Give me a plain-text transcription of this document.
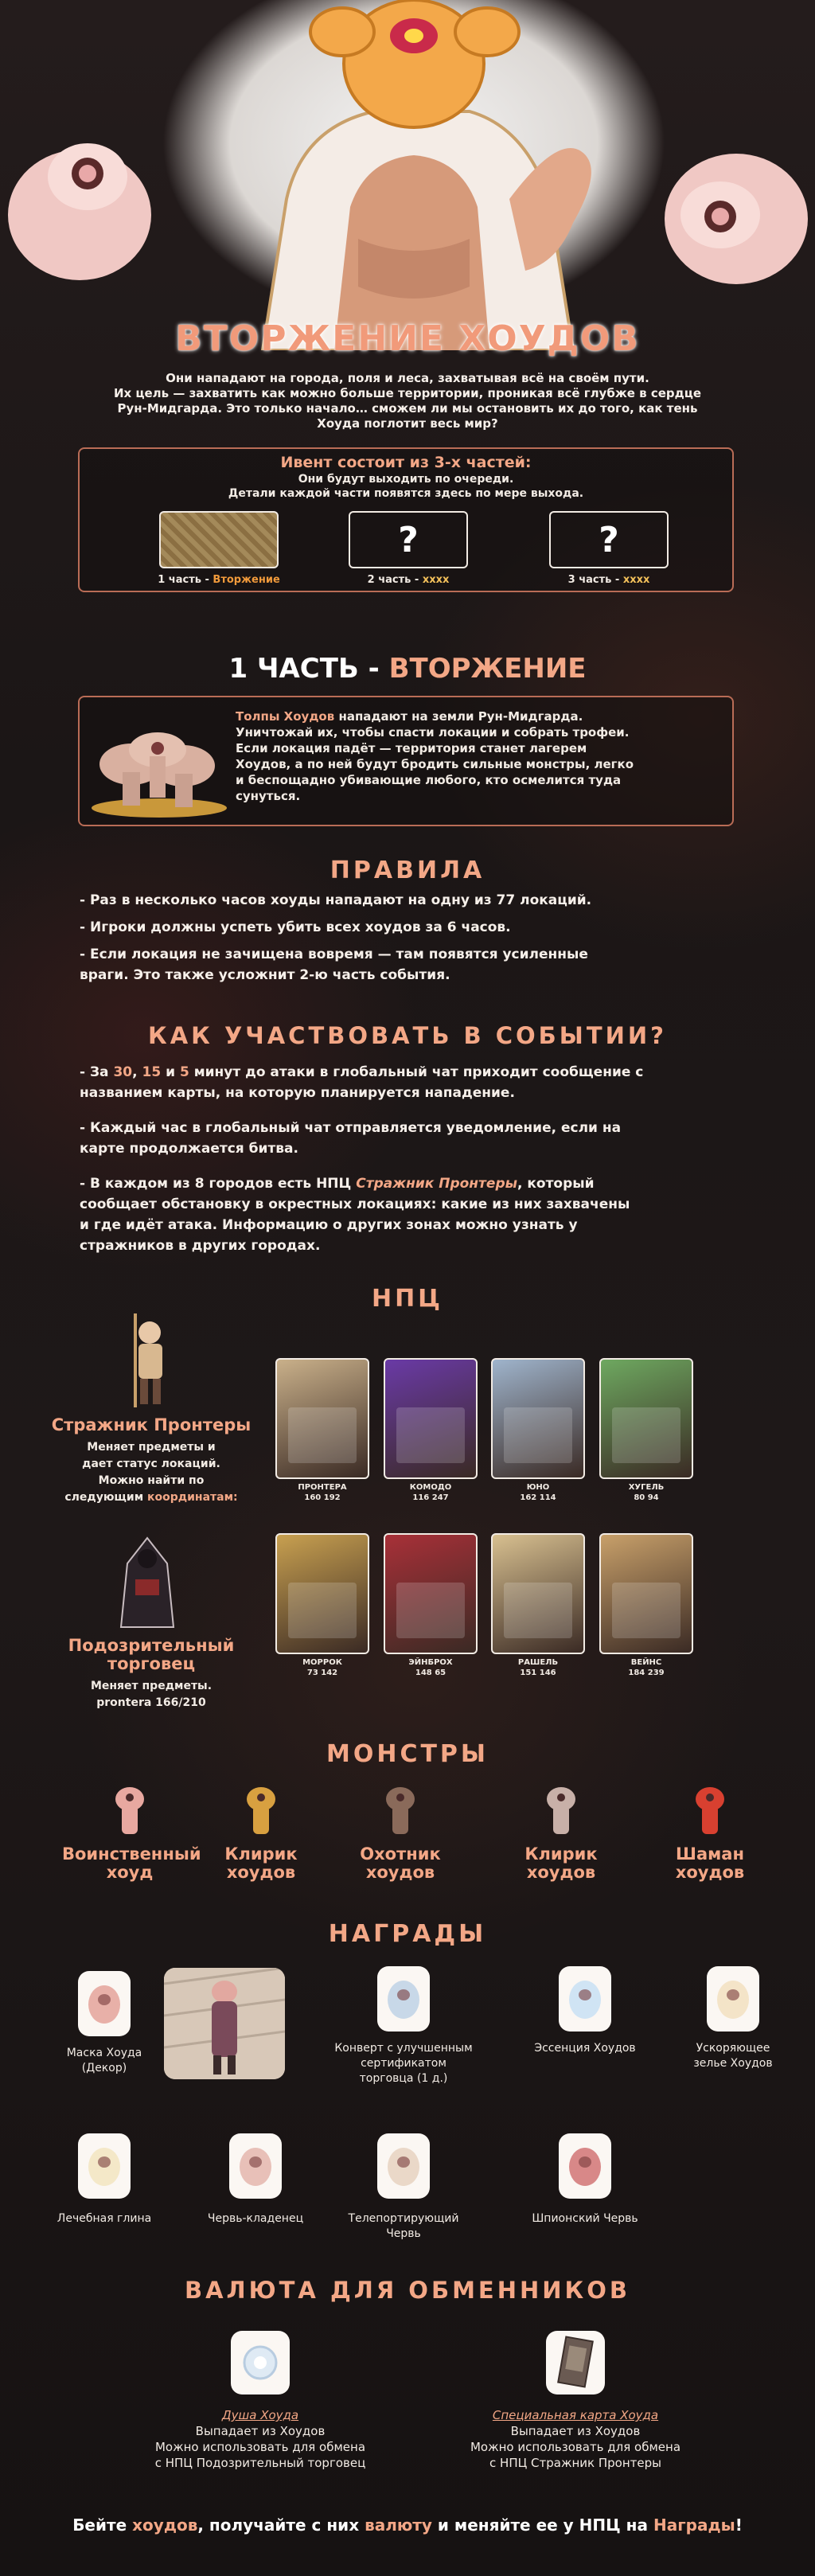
ВТОРЖЕНИЕ ХОУДОВ
Они нападают на города, поля и леса, захватывая всё на своём пути.
Их цель — захватить как можно больше территории, проникая всё глубже в сердце
Рун-Мидгарда. Это только начало… сможем ли мы остановить их до того, как тень
Хоуда поглотит весь мир?
Ивент состоит из 3-х частей:
Они будут выходить по очереди.
Детали каждой части появятся здесь по мере выхода.
?	?
1 часть - Вторжение	2 часть - xxxx	3 часть - xxxx
1 ЧАСТЬ - ВТОРЖЕНИЕ
Толпы Хоудов нападают на земли Рун-Мидгарда.
Уничтожай их, чтобы спасти локации и собрать трофеи.
Если локация падёт — территория станет лагерем
Хоудов, а по ней будут бродить сильные монстры, легко
и беспощадно убивающие любого, кто осмелится туда
сунуться.
ПРАВИЛА
- Раз в несколько часов хоуды нападают на одну из 77 локаций.
- Игроки должны успеть убить всех хоудов за 6 часов.
- Если локация не зачищена вовремя — там появятся усиленные
враги. Это также усложнит 2-ю часть события.
КАК УЧАСТВОВАТЬ В СОБЫТИИ?
- За 30, 15 и 5 минут до атаки в глобальный чат приходит сообщение с
названием карты, на которую планируется нападение.
- Каждый час в глобальный чат отправляется уведомление, если на
карте продолжается битва.
- В каждом из 8 городов есть НПЦ Стражник Пронтеры, который
сообщает обстановку в окрестных локациях: какие из них захвачены
и где идёт атака. Информацию о других зонах можно узнать у
стражников в других городах.
НПЦ
Стражник Пронтеры
Меняет предметы и
дает статус локаций.
Можно найти по
следующим координатам:
Подозрительный
торговец
Меняет предметы.
prontera 166/210
МОНСТРЫ
НАГРАДЫ
ВАЛЮТА ДЛЯ ОБМЕННИКОВ
Душа Хоуда
Выпадает из Хоудов
Можно использовать для обмена
с НПЦ Подозрительный торговец
Специальная карта Хоуда
Выпадает из Хоудов
Можно использовать для обмена
с НПЦ Стражник Пронтеры
Бейте хоудов, получайте с них валюту и меняйте ее у НПЦ на Награды!
ПРОНТЕРА
160 192
КОМОДО
116 247
ЮНО
162 114
ХУГЕЛЬ
80 94
МОРРОК
73 142
ЭЙНБРОХ
148 65
РАШЕЛЬ
151 146
ВЕЙНС
184 239
Воинственный
хоуд
Клирик
хоудов
Охотник
хоудов
Клирик
хоудов
Шаман
хоудов
Маска Хоуда
(Декор)
Конверт с улучшенным
сертификатом
торговца (1 д.)
Эссенция Хоудов	Ускоряющее
зелье Хоудов
Лечебная глина	Червь-кладенец	Телепортирующий
Червь
Шпионский Червь
